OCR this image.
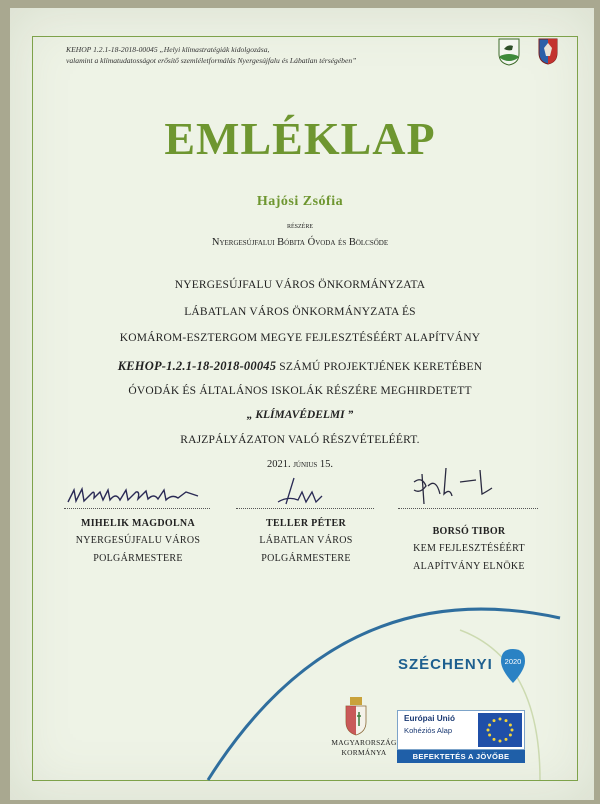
KEHOP 1.2.1-18-2018-00045 „Helyi klímastratégiák kidolgozása,
valamint a klímatudatosságot erősítő szemléletformálás Nyergesújfalu és Lábatlan térségében”
EMLÉKLAP
Hajósi Zsófia
részére
Nyergesújfalui Bóbita Óvoda és Bölcsőde
NYERGESÚJFALU VÁROS ÖNKORMÁNYZATA
LÁBATLAN VÁROS ÖNKORMÁNYZATA ÉS
KOMÁROM-ESZTERGOM MEGYE FEJLESZTÉSÉÉRT ALAPÍTVÁNY
KEHOP-1.2.1-18-2018-00045 SZÁMÚ PROJEKTJÉNEK KERETÉBEN
ÓVODÁK ÉS ÁLTALÁNOS ISKOLÁK RÉSZÉRE MEGHIRDETETT
„ KLÍMAVÉDELMI ”
RAJZPÁLYÁZATON VALÓ RÉSZVÉTELÉÉRT.
2021. június 15.
MIHELIK MAGDOLNA
NYERGESÚJFALU VÁROS
POLGÁRMESTERE
TELLER PÉTER
LÁBATLAN VÁROS
POLGÁRMESTERE
BORSÓ TIBOR
KEM FEJLESZTÉSÉÉRT
ALAPÍTVÁNY ELNÖKE
SZÉCHENYI 2020
MAGYARORSZÁG
KORMÁNYA
Európai Unió
Kohéziós Alap
BEFEKTETÉS A JÖVŐBE
